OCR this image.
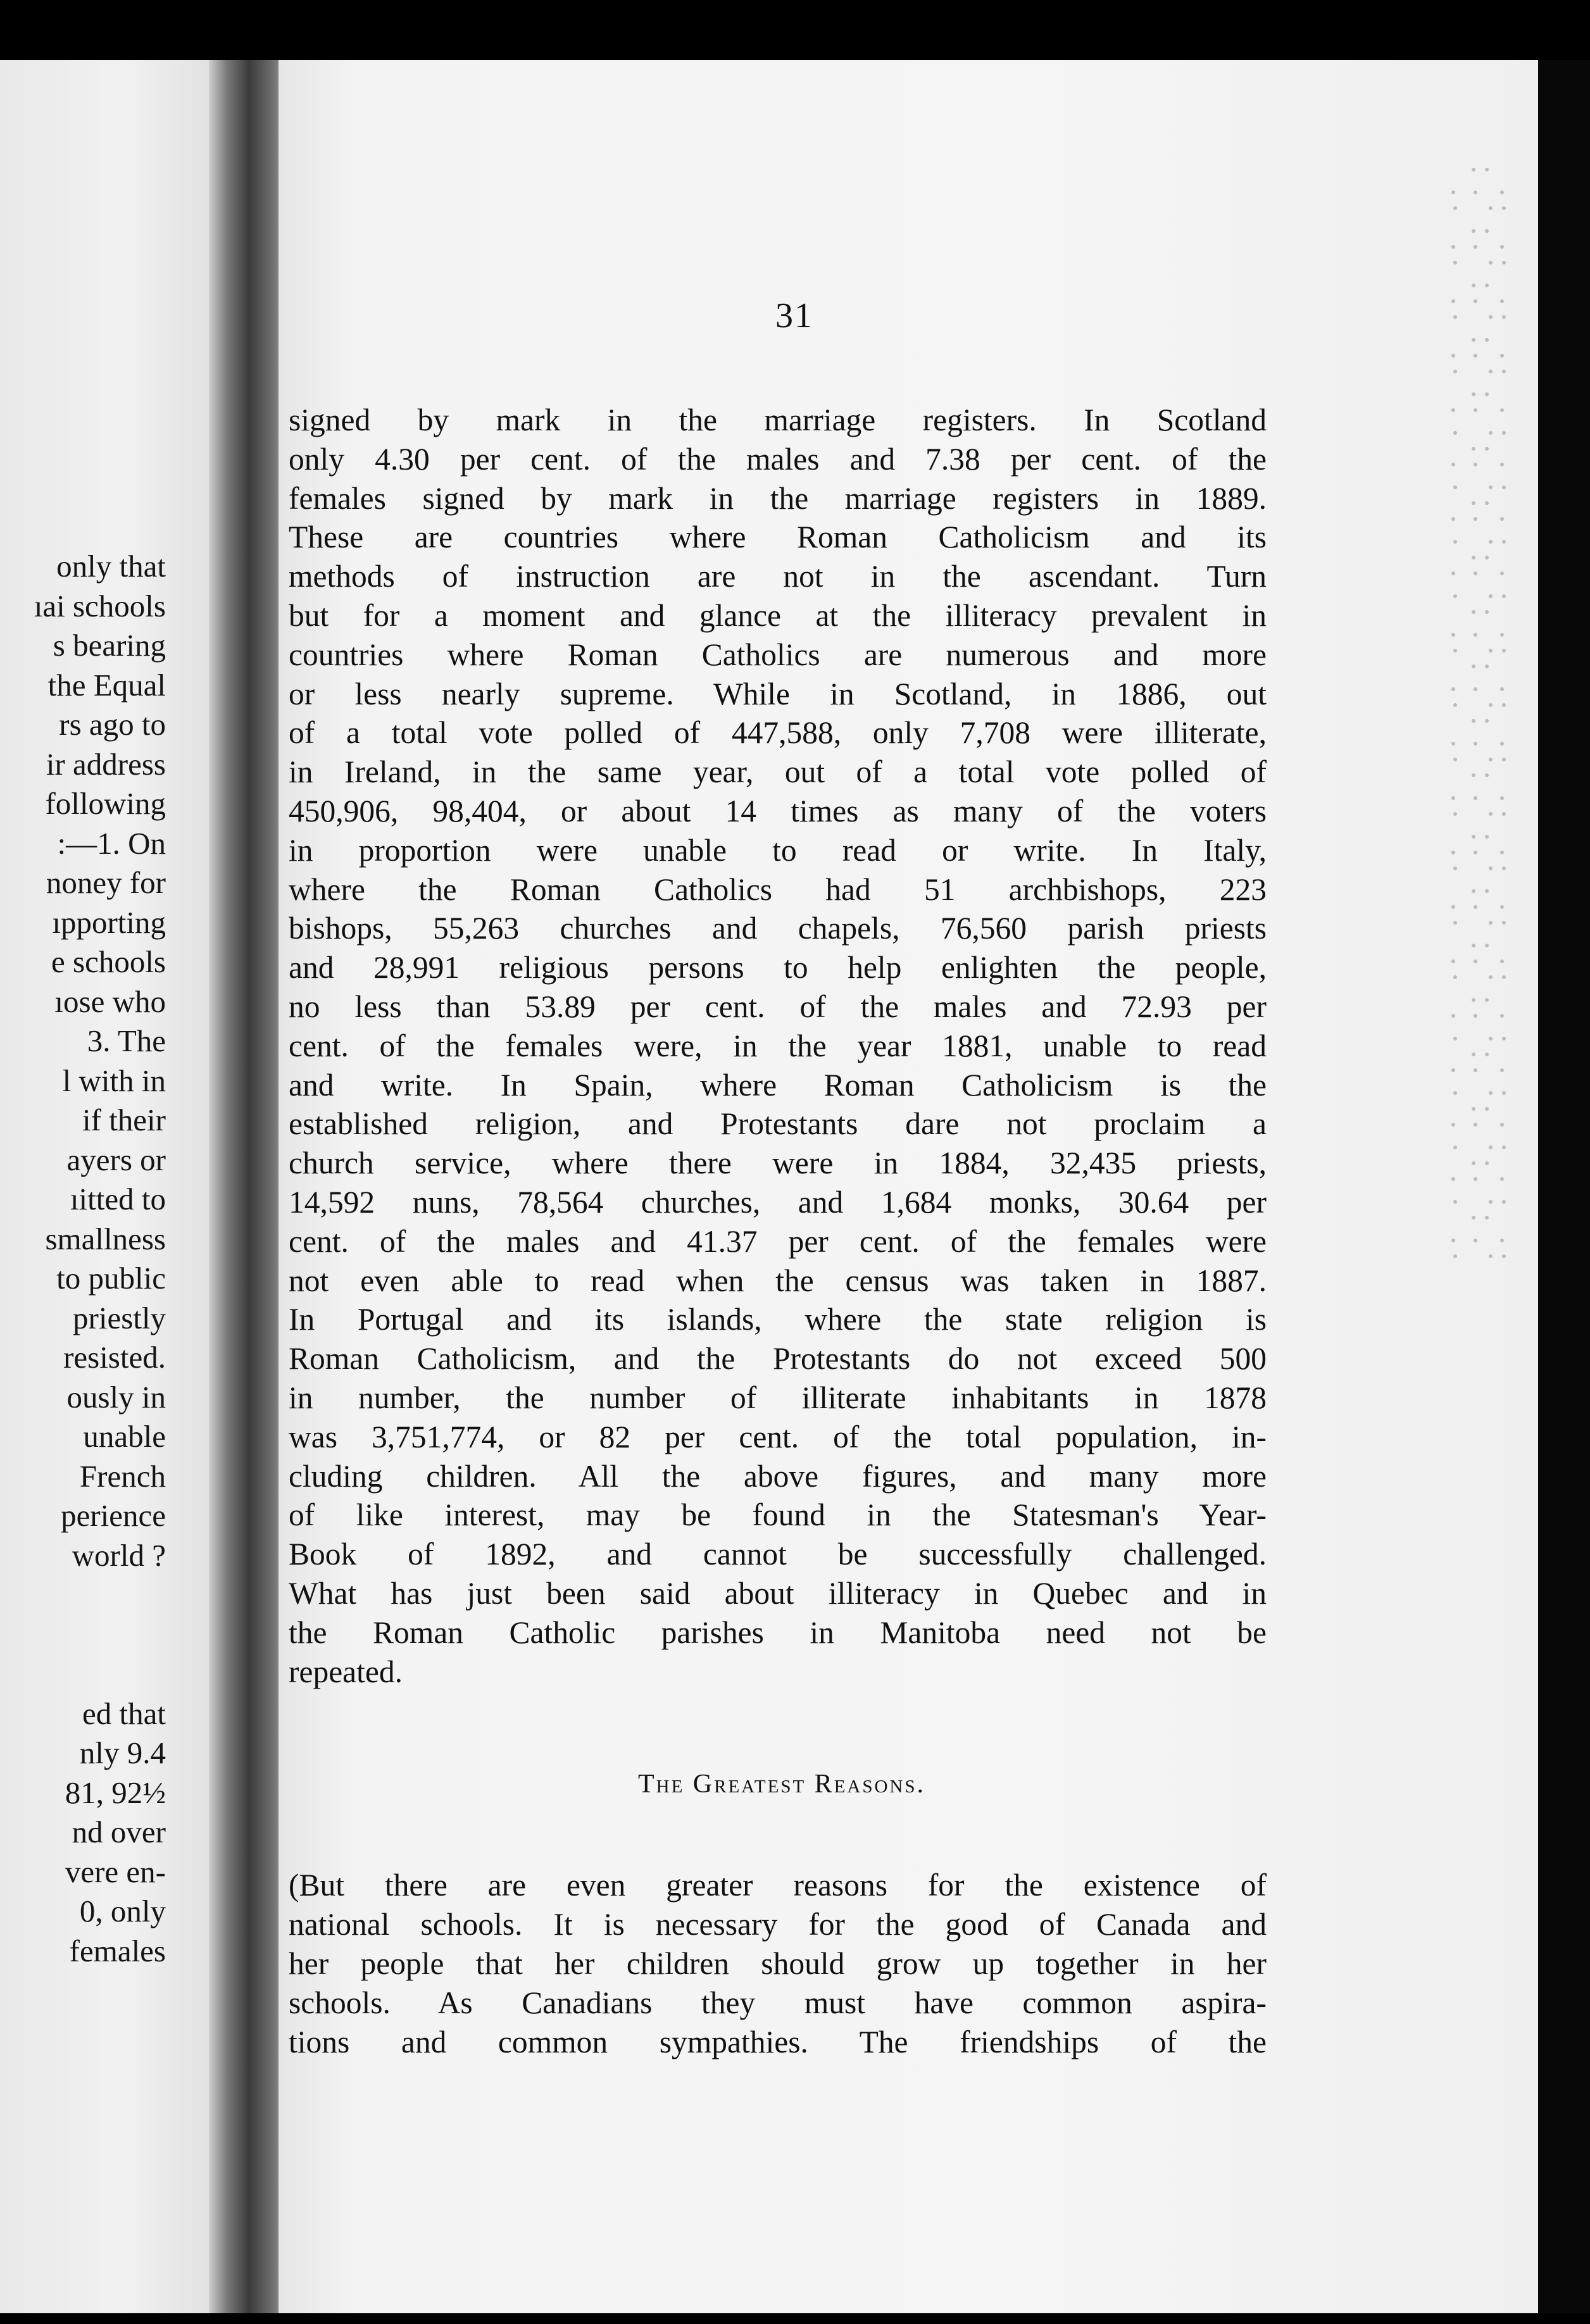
only that
ıai schools
s bearing
the Equal
rs ago to
ir address
following
:—1. On
noney for
ıpporting
e schools
ıose who
3. The
l with in
if their
ayers or
ıitted to
smallness
to public
priestly
resisted.
ously in
unable
French
perience
world ?
ed that
nly 9.4
81, 92½
nd over
vere en-
0, only
females
31
signed by mark in the marriage registers. In Scotland
only 4.30 per cent. of the males and 7.38 per cent. of the
females signed by mark in the marriage registers in 1889.
These are countries where Roman Catholicism and its
methods of instruction are not in the ascendant. Turn
but for a moment and glance at the illiteracy prevalent in
countries where Roman Catholics are numerous and more
or less nearly supreme. While in Scotland, in 1886, out
of a total vote polled of 447,588, only 7,708 were illiterate,
in Ireland, in the same year, out of a total vote polled of
450,906, 98,404, or about 14 times as many of the voters
in proportion were unable to read or write. In Italy,
where the Roman Catholics had 51 archbishops, 223
bishops, 55,263 churches and chapels, 76,560 parish priests
and 28,991 religious persons to help enlighten the people,
no less than 53.89 per cent. of the males and 72.93 per
cent. of the females were, in the year 1881, unable to read
and write. In Spain, where Roman Catholicism is the
established religion, and Protestants dare not proclaim a
church service, where there were in 1884, 32,435 priests,
14,592 nuns, 78,564 churches, and 1,684 monks, 30.64 per
cent. of the males and 41.37 per cent. of the females were
not even able to read when the census was taken in 1887.
In Portugal and its islands, where the state religion is
Roman Catholicism, and the Protestants do not exceed 500
in number, the number of illiterate inhabitants in 1878
was 3,751,774, or 82 per cent. of the total population, in-
cluding children. All the above figures, and many more
of like interest, may be found in the Statesman's Year-
Book of 1892, and cannot be successfully challenged.
What has just been said about illiteracy in Quebec and in
the Roman Catholic parishes in Manitoba need not be
repeated.
The Greatest Reasons.
(But there are even greater reasons for the existence of
national schools. It is necessary for the good of Canada and
her people that her children should grow up together in her
schools. As Canadians they must have common aspira-
tions and common sympathies. The friendships of the
